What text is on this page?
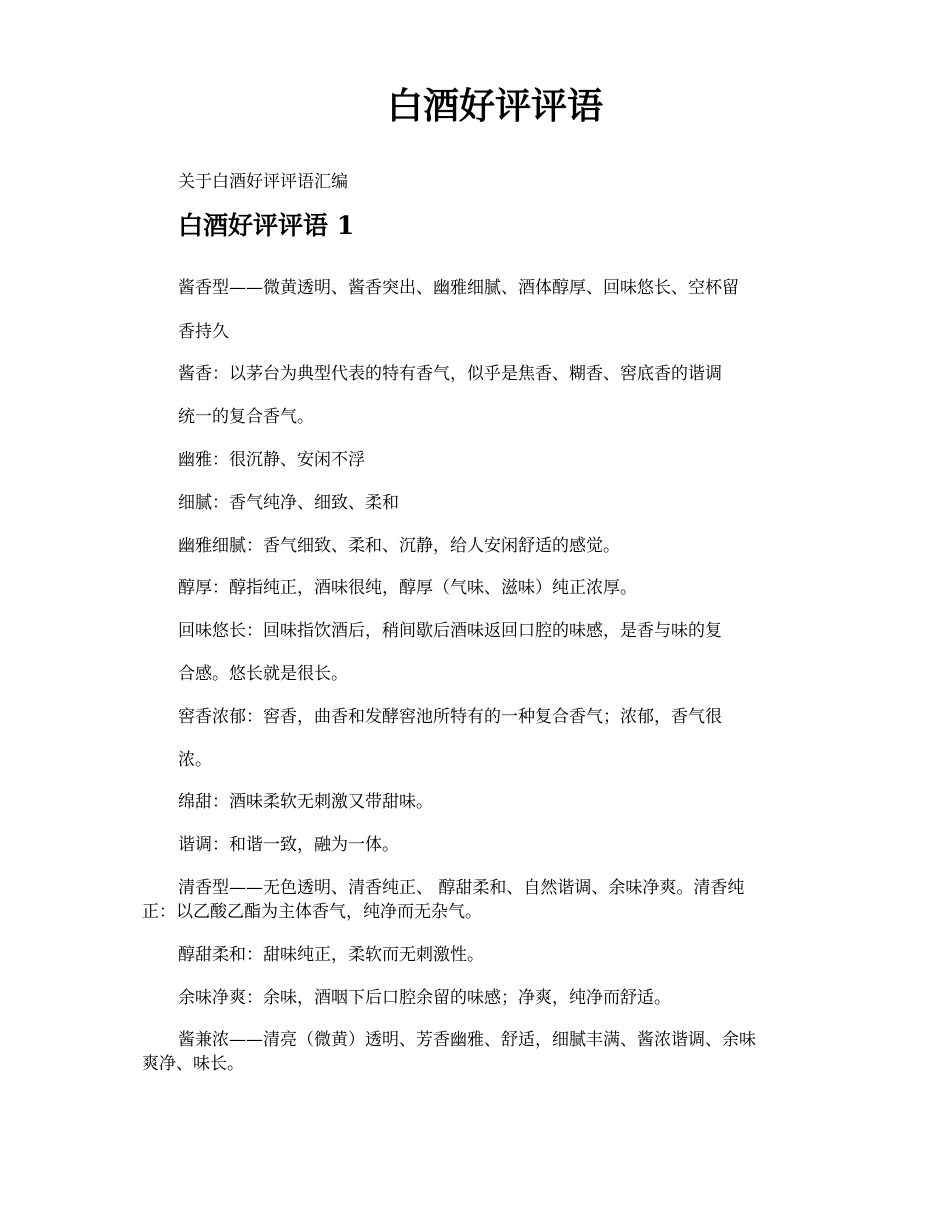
白酒好评评语
关于白酒好评评语汇编
白酒好评评语 1
酱香型——微黄透明、酱香突出、幽雅细腻、酒体醇厚、回味悠长、空杯留
香持久
酱香：以茅台为典型代表的特有香气，似乎是焦香、糊香、窖底香的谐调
统一的复合香气。
幽雅：很沉静、安闲不浮
细腻：香气纯净、细致、柔和
幽雅细腻：香气细致、柔和、沉静，给人安闲舒适的感觉。
醇厚：醇指纯正，酒味很纯，醇厚（气味、滋味）纯正浓厚。
回味悠长：回味指饮酒后，稍间歇后酒味返回口腔的味感，是香与味的复
合感。悠长就是很长。
窖香浓郁：窖香，曲香和发酵窖池所特有的一种复合香气；浓郁，香气很
浓。
绵甜：酒味柔软无刺激又带甜味。
谐调：和谐一致，融为一体。
清香型——无色透明、清香纯正、 醇甜柔和、自然谐调、余味净爽。清香纯
正：以乙酸乙酯为主体香气，纯净而无杂气。
醇甜柔和：甜味纯正，柔软而无刺激性。
余味净爽：余味，酒咽下后口腔余留的味感；净爽，纯净而舒适。
酱兼浓——清亮（微黄）透明、芳香幽雅、舒适，细腻丰满、酱浓谐调、余味
爽净、味长。
